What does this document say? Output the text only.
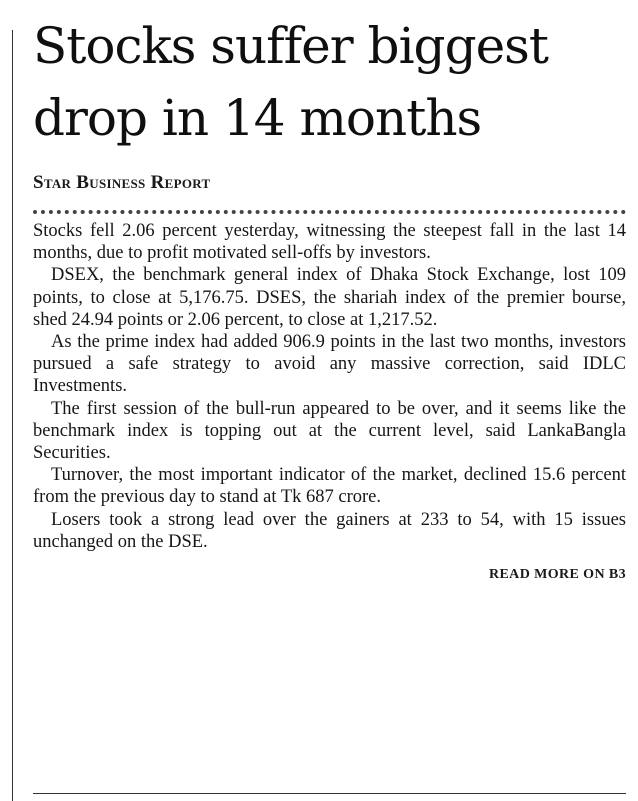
Stocks suffer biggest drop in 14 months
Star Business Report

Stocks fell 2.06 percent yesterday, witnessing the steepest fall in the last 14 months, due to profit motivated sell-offs by investors.

DSEX, the benchmark general index of Dhaka Stock Exchange, lost 109 points, to close at 5,176.75. DSES, the shariah index of the premier bourse, shed 24.94 points or 2.06 percent, to close at 1,217.52.

As the prime index had added 906.9 points in the last two months, investors pursued a safe strategy to avoid any massive correction, said IDLC Investments.

The first session of the bull-run appeared to be over, and it seems like the benchmark index is topping out at the current level, said LankaBangla Securities.

Turnover, the most important indicator of the market, declined 15.6 percent from the previous day to stand at Tk 687 crore.

Losers took a strong lead over the gainers at 233 to 54, with 15 issues unchanged on the DSE.

READ MORE ON B3
